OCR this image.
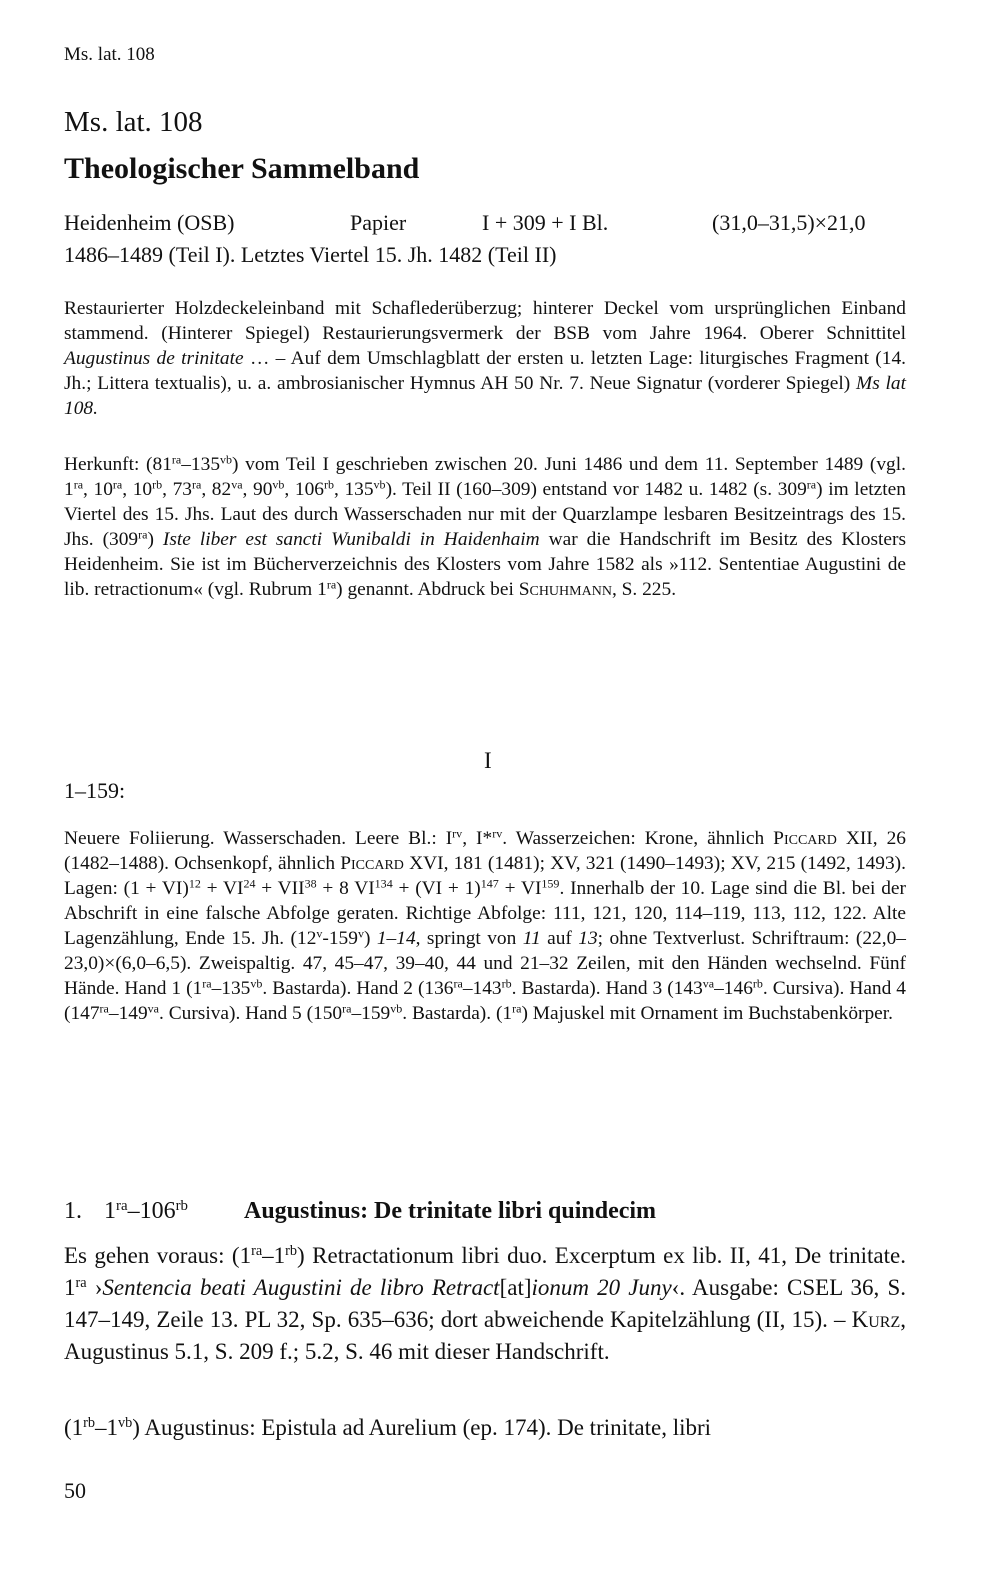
Ms. lat. 108
Ms. lat. 108
Theologischer Sammelband
Heidenheim (OSB)	Papier	I + 309 + I Bl.	(31,0–31,5)×21,0
1486–1489 (Teil I). Letztes Viertel 15. Jh. 1482 (Teil II)
Restaurierter Holzdeckeleinband mit Schaflederüberzug; hinterer Deckel vom ursprünglichen Einband stammend. (Hinterer Spiegel) Restaurierungsvermerk der BSB vom Jahre 1964. Oberer Schnittitel Augustinus de trinitate … – Auf dem Umschlagblatt der ersten u. letzten Lage: liturgisches Fragment (14. Jh.; Littera textualis), u. a. ambrosianischer Hymnus AH 50 Nr. 7. Neue Signatur (vorderer Spiegel) Ms lat 108.
Herkunft: $(81^{ra}-135^{vb})$ vom Teil I geschrieben zwischen 20. Juni 1486 und dem 11. September 1489 (vgl. $1^{ra}$, $10^{ra}$, $10^{rb}$, $73^{ra}$, $82^{va}$, $90^{vb}$, $106^{rb}$, $135^{vb}$). Teil II (160–309) entstand vor 1482 u. 1482 (s. $309^{ra}$) im letzten Viertel des 15. Jhs. Laut des durch Wasserschaden nur mit der Quarzlampe lesbaren Besitzeintrags des 15. Jhs. $(309^{ra})$ Iste liber est sancti Wunibaldi in Haidenhaim war die Handschrift im Besitz des Klosters Heidenheim. Sie ist im Bücherverzeichnis des Klosters vom Jahre 1582 als »112. Sententiae Augustini de lib. retractionum« (vgl. Rubrum $1^{ra}$) genannt. Abdruck bei Schuhmann, S. 225.
I
1–159:
Neuere Foliierung. Wasserschaden. Leere Bl.: $I^{rv}$, I*$^{rv}$. Wasserzeichen: Krone, ähnlich Piccard XII, 26 (1482–1488). Ochsenkopf, ähnlich Piccard XVI, 181 (1481); XV, 321 (1490–1493); XV, 215 (1492, 1493). Lagen: $(1 + VI)^{12} + VI^{24} + VII^{38} + 8$ $VI^{134} + (VI + 1)^{147} + VI^{159}$. Innerhalb der 10. Lage sind die Bl. bei der Abschrift in eine falsche Abfolge geraten. Richtige Abfolge: 111, 121, 120, 114–119, 113, 112, 122. Alte Lagenzählung, Ende 15. Jh. (12$^v$-159$^v$) 1–14, springt von 11 auf 13; ohne Textverlust. Schriftraum: (22,0–23,0)×(6,0–6,5). Zweispaltig. 47, 45–47, 39–40, 44 und 21–32 Zeilen, mit den Händen wechselnd. Fünf Hände. Hand 1 ($1^{ra}-135^{vb}$. Bastarda). Hand 2 ($136^{ra}-143^{rb}$. Bastarda). Hand 3 ($143^{va}-146^{rb}$. Cursiva). Hand 4 ($147^{ra}-149^{va}$. Cursiva). Hand 5 ($150^{ra}-159^{vb}$. Bastarda). $(1^{ra})$ Majuskel mit Ornament im Buchstabenkörper.
1. $1^{ra}-106^{rb}$ Augustinus: De trinitate libri quindecim
Es gehen voraus: $(1^{ra}-1^{rb})$ Retractationum libri duo. Excerptum ex lib. II, 41, De trinitate. $1^{ra}$ ›Sentencia beati Augustini de libro Retract[at]ionum 20 Juny‹. Ausgabe: CSEL 36, S. 147–149, Zeile 13. PL 32, Sp. 635–636; dort abweichende Kapitelzählung (II, 15). – Kurz, Augustinus 5.1, S. 209 f.; 5.2, S. 46 mit dieser Handschrift.
$(1^{rb}-1^{vb})$ Augustinus: Epistula ad Aurelium (ep. 174). De trinitate, libri
50
